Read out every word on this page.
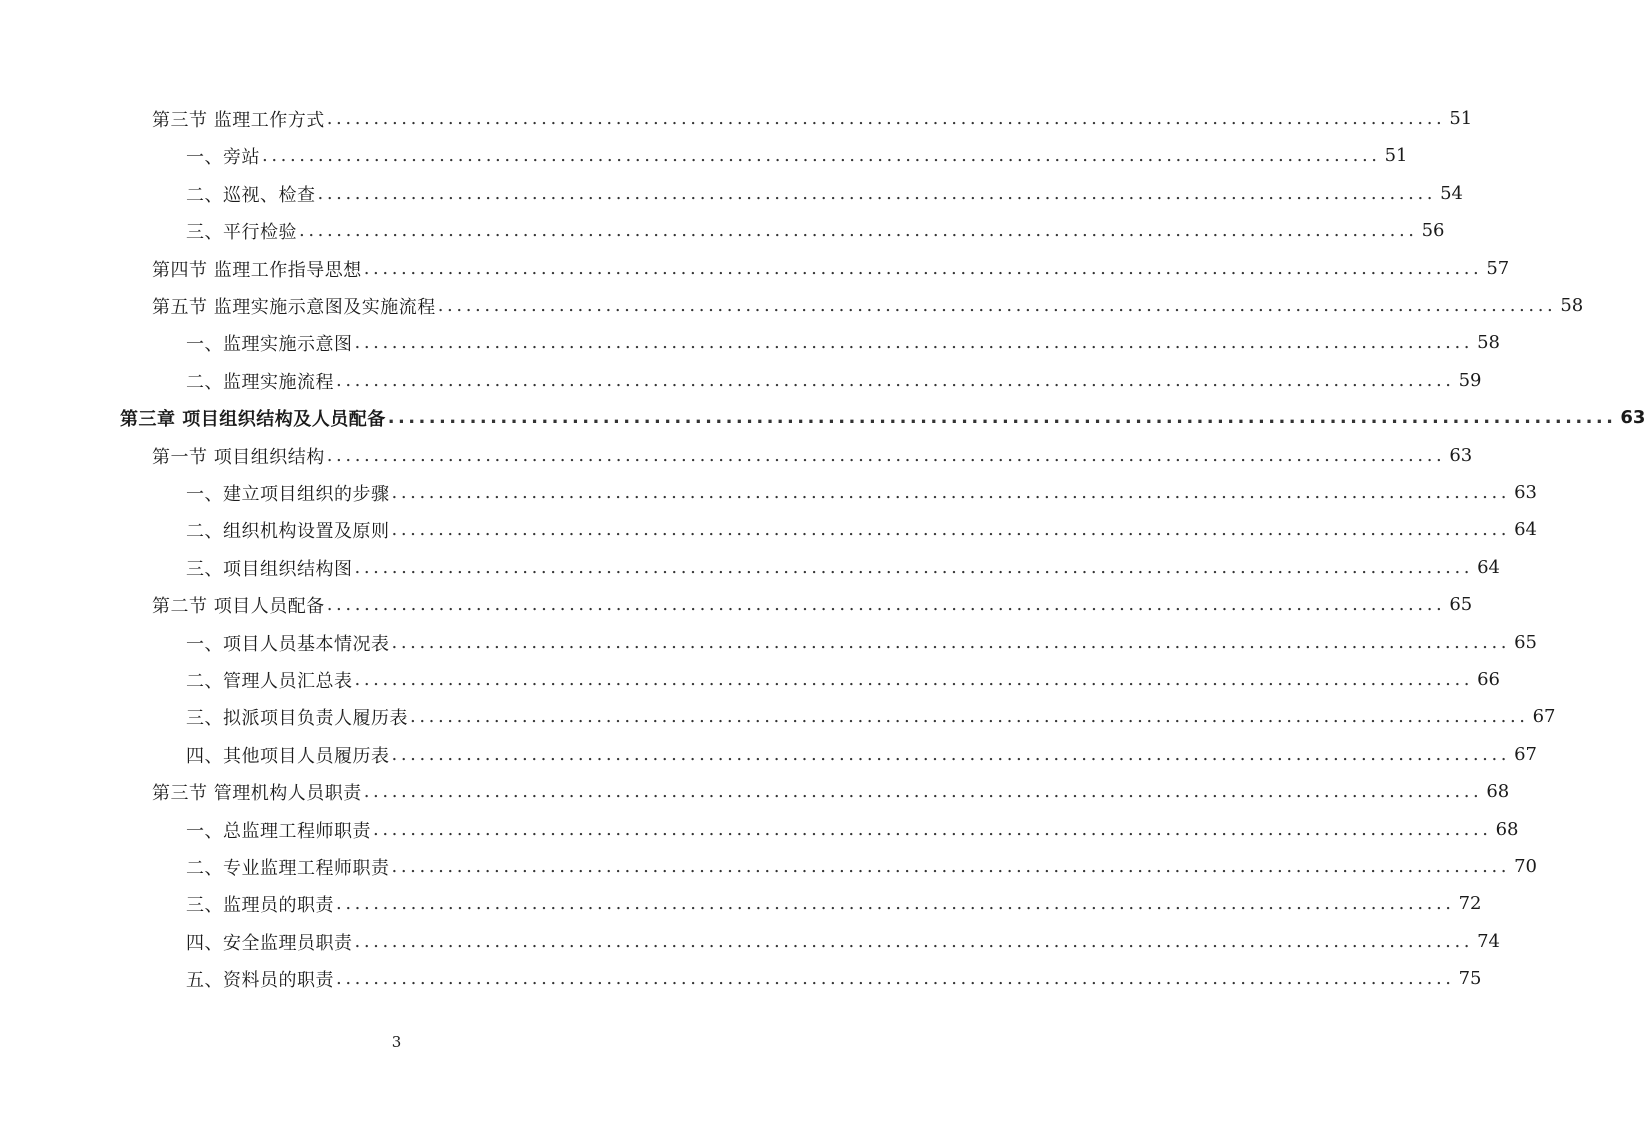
第三节 监理工作方式 ........................................................................................................................ 51
一、旁站 ........................................................................................................................ 51
二、巡视、检查 ........................................................................................................................ 54
三、平行检验 ........................................................................................................................ 56
第四节 监理工作指导思想 ........................................................................................................................ 57
第五节 监理实施示意图及实施流程 ........................................................................................................................ 58
一、监理实施示意图 ........................................................................................................................ 58
二、监理实施流程 ........................................................................................................................ 59
第三章 项目组织结构及人员配备 ........................................................................................................................ 63
第一节 项目组织结构 ........................................................................................................................ 63
一、建立项目组织的步骤 ........................................................................................................................ 63
二、组织机构设置及原则 ........................................................................................................................ 64
三、项目组织结构图 ........................................................................................................................ 64
第二节 项目人员配备 ........................................................................................................................ 65
一、项目人员基本情况表 ........................................................................................................................ 65
二、管理人员汇总表 ........................................................................................................................ 66
三、拟派项目负责人履历表 ........................................................................................................................ 67
四、其他项目人员履历表 ........................................................................................................................ 67
第三节 管理机构人员职责 ........................................................................................................................ 68
一、总监理工程师职责 ........................................................................................................................ 68
二、专业监理工程师职责 ........................................................................................................................ 70
三、监理员的职责 ........................................................................................................................ 72
四、安全监理员职责 ........................................................................................................................ 74
五、资料员的职责 ........................................................................................................................ 75
3
